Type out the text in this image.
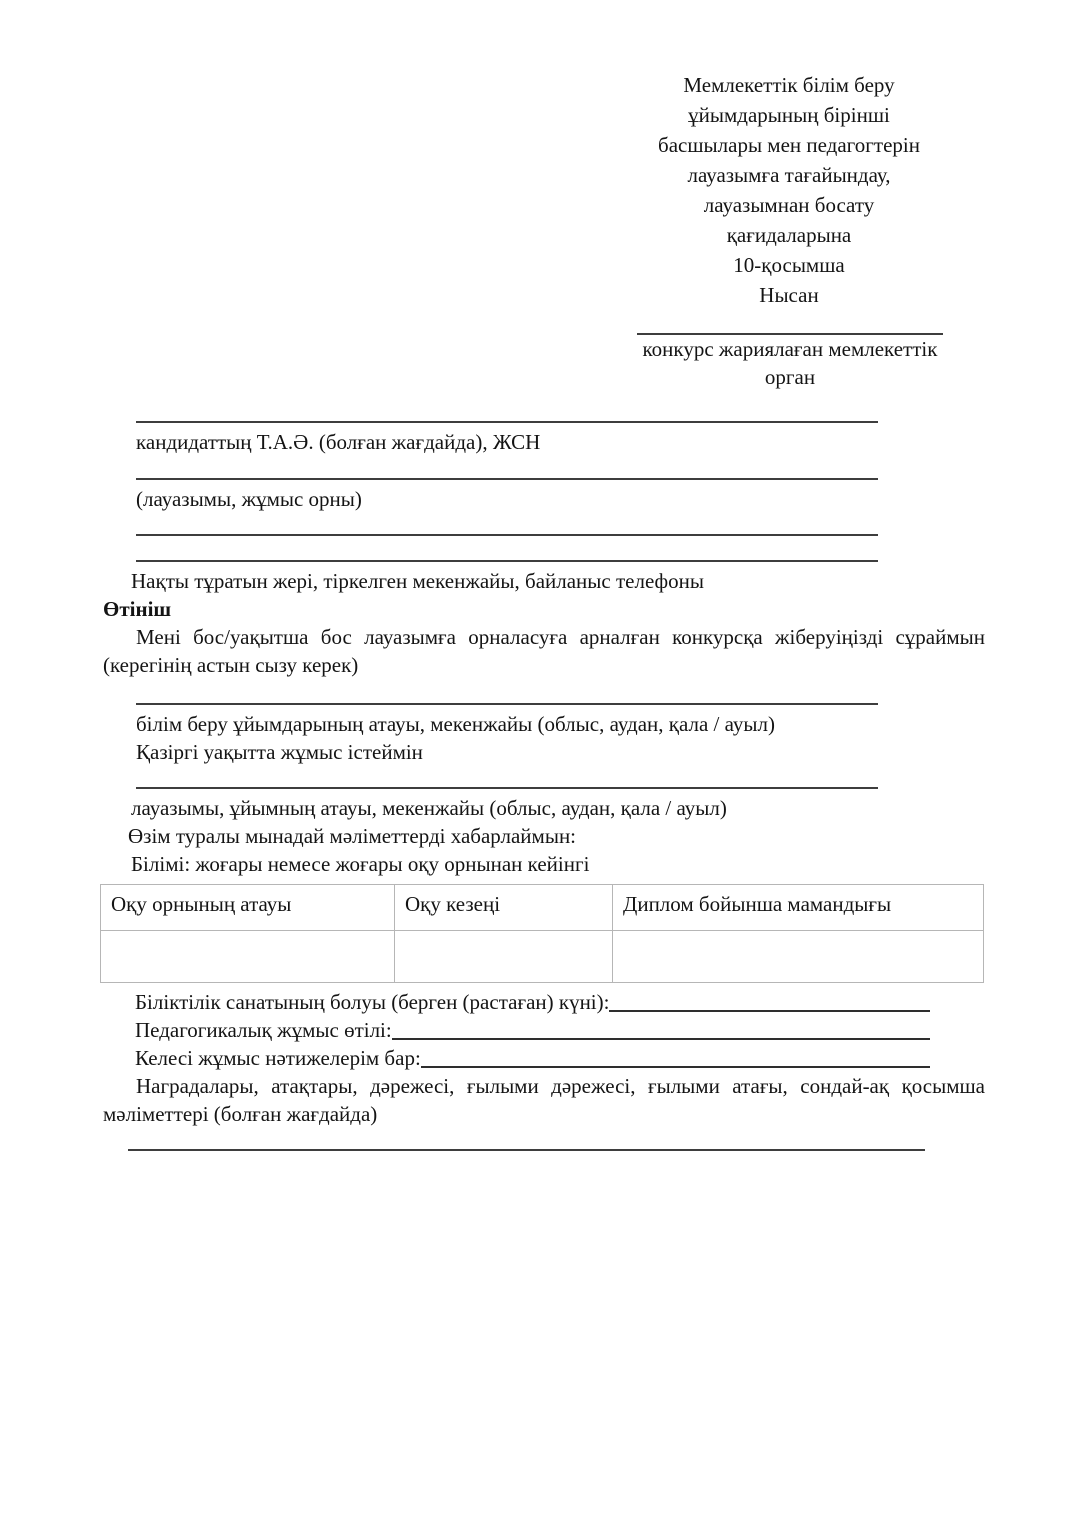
Мемлекеттік білім беру
ұйымдарының бірінші
басшылары мен педагогтерін
лауазымға тағайындау,
лауазымнан босату
қағидаларына
10-қосымша
Нысан
конкурс жариялаған мемлекеттік
орган
кандидаттың Т.А.Ә. (болған жағдайда), ЖСН
(лауазымы, жұмыс орны)
Нақты тұратын жері, тіркелген мекенжайы, байланыс телефоны
Өтініш
Мені бос/уақытша бос лауазымға орналасуға арналған конкурсқа жіберуіңізді сұраймын
(керегінің астын сызу керек)
білім беру ұйымдарының атауы, мекенжайы (облыс, аудан, қала / ауыл)
Қазіргі уақытта жұмыс істеймін
лауазымы, ұйымның атауы, мекенжайы (облыс, аудан, қала / ауыл)
Өзім туралы мынадай мәліметтерді хабарлаймын:
Білімі: жоғары немесе жоғары оқу орнынан кейінгі
Оқу орнының атауы	Оқу кезеңі	Диплом бойынша мамандығы

Біліктілік санатының болуы (берген (растаған) күні):
Педагогикалық жұмыс өтілі:
Келесі жұмыс нәтижелерім бар:
Наградалары, атақтары, дәрежесі, ғылыми дәрежесі, ғылыми атағы, сондай-ақ қосымша
мәліметтері (болған жағдайда)
